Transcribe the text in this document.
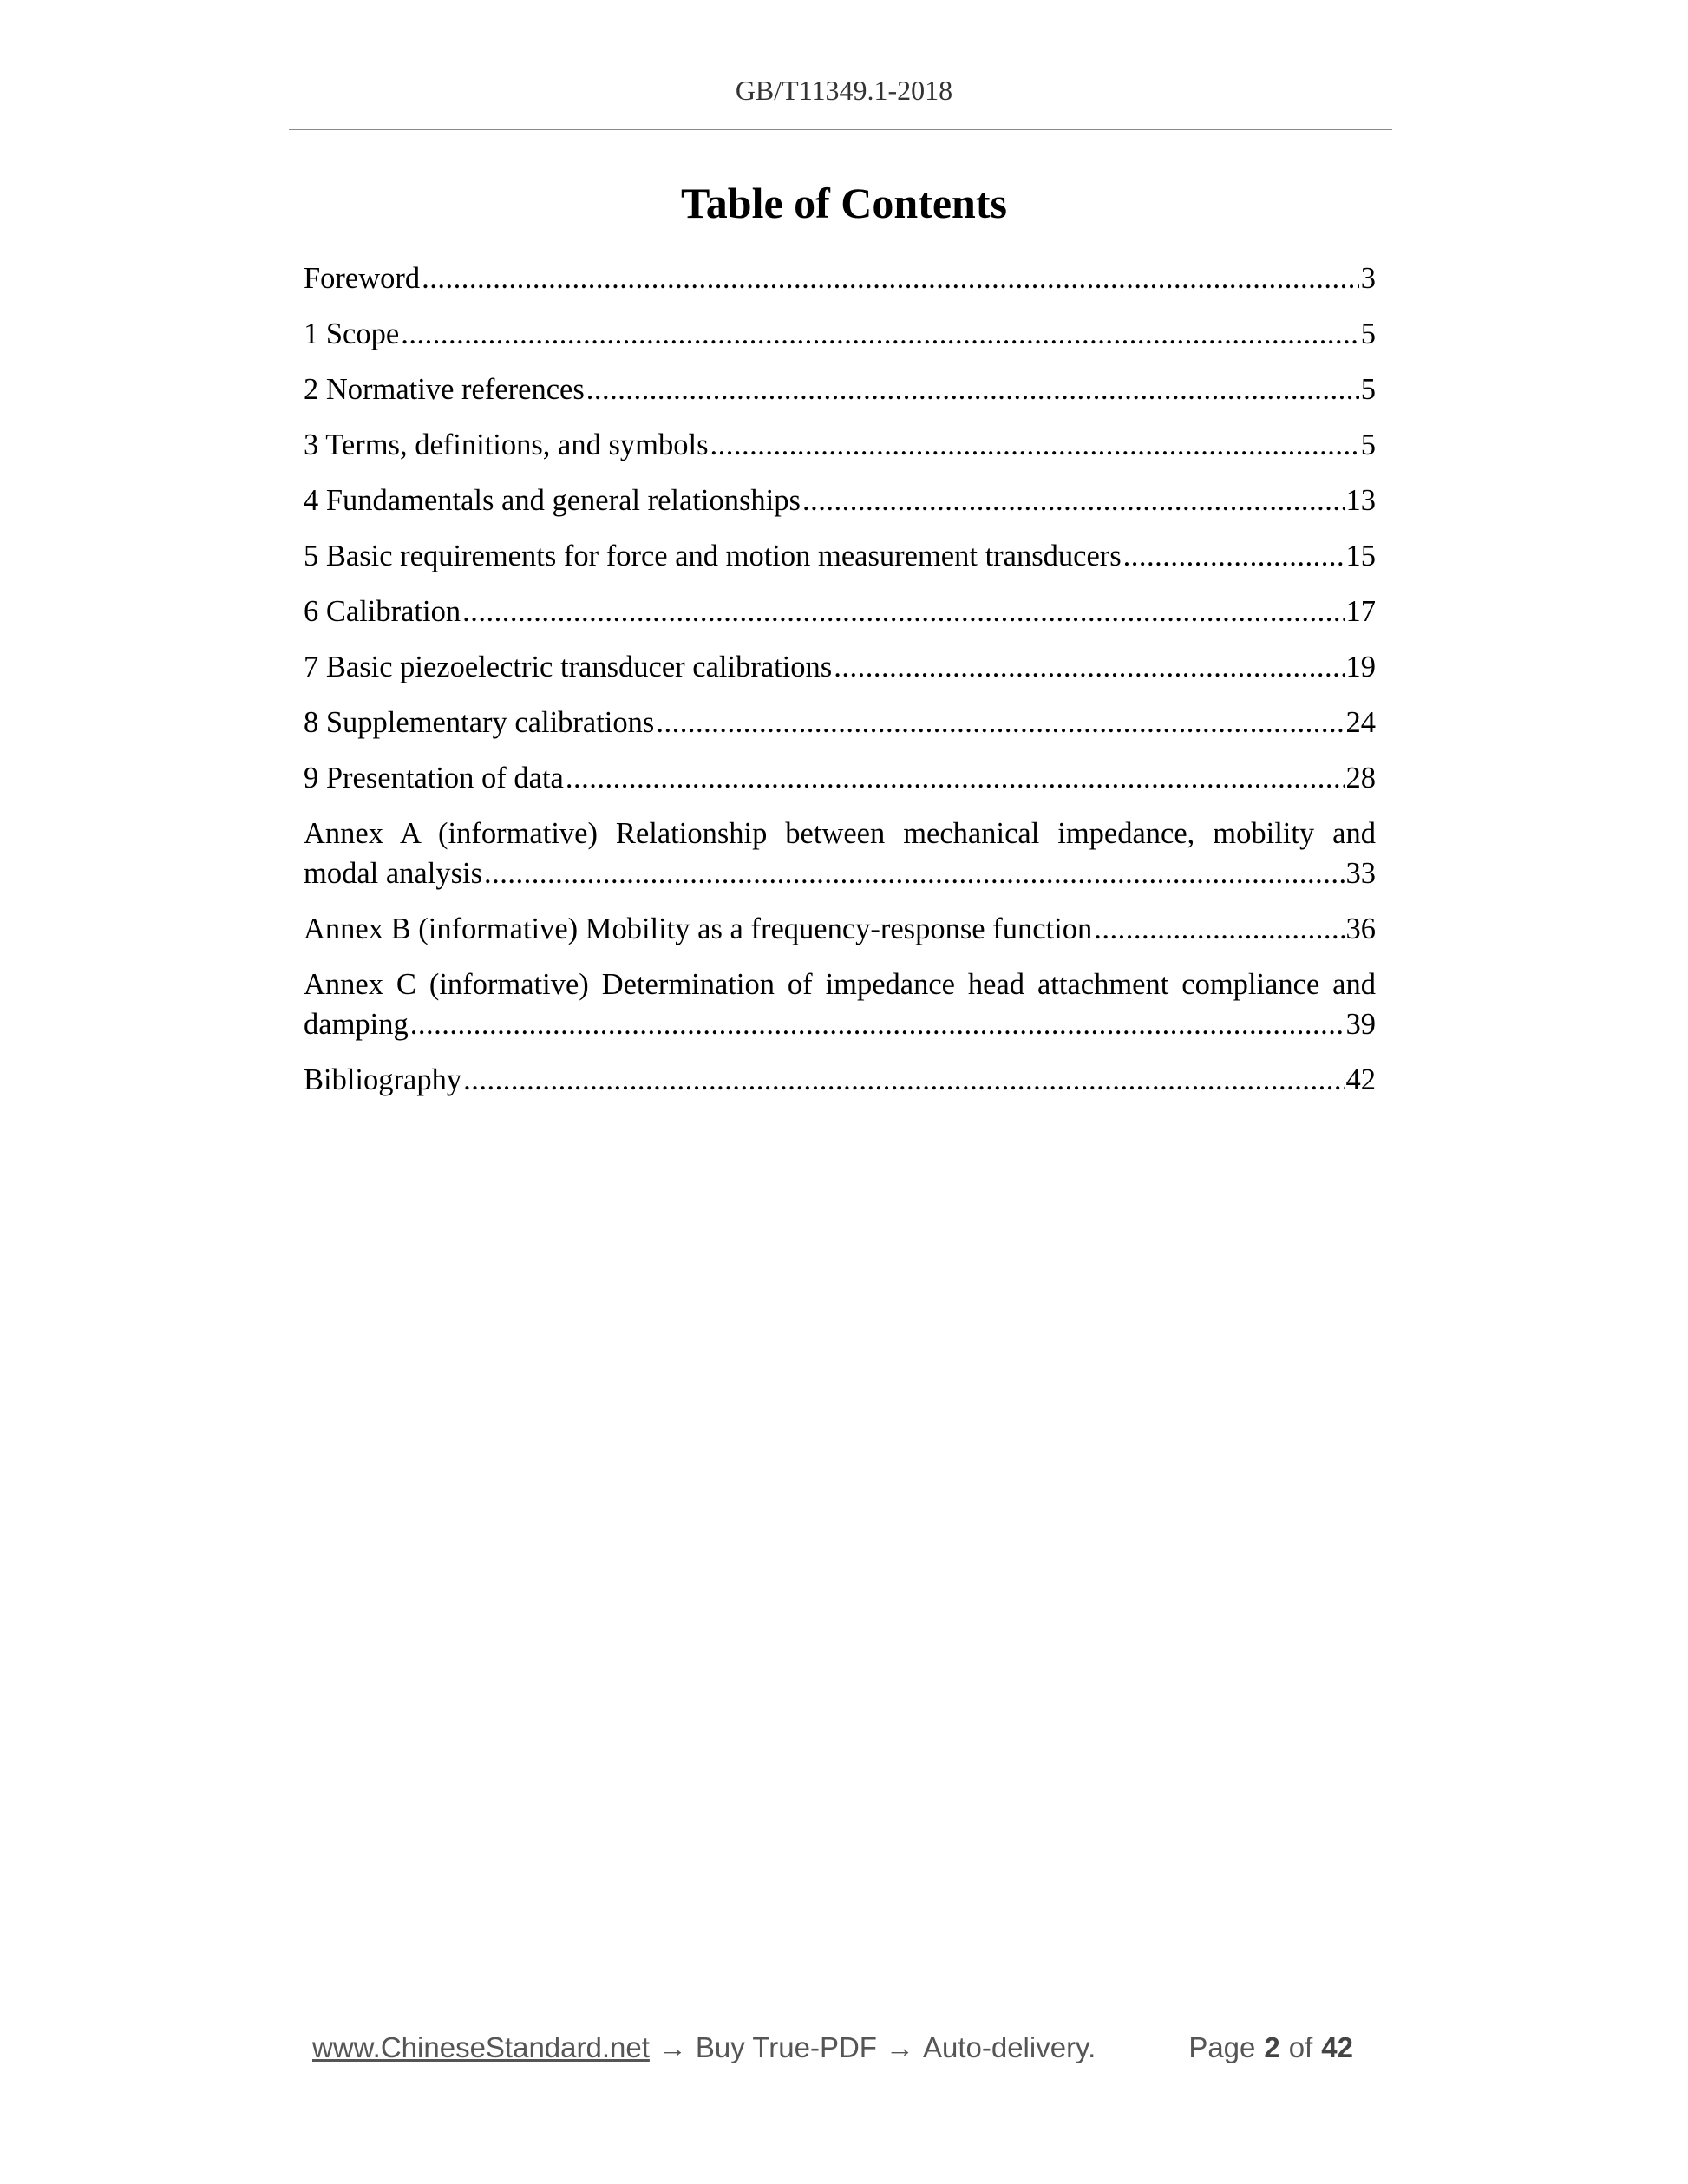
GB/T11349.1-2018
Table of Contents
Foreword .....	3
1 Scope .....	5
2 Normative references .....	5
3 Terms, definitions, and symbols .....	5
4 Fundamentals and general relationships .....	13
5 Basic requirements for force and motion measurement transducers .....	15
6 Calibration .....	17
7 Basic piezoelectric transducer calibrations .....	19
8 Supplementary calibrations .....	24
9 Presentation of data .....	28
Annex A (informative) Relationship between mechanical impedance, mobility and
modal analysis .....	33
Annex B (informative) Mobility as a frequency-response function .....	36
Annex C (informative) Determination of impedance head attachment compliance and
damping .....	39
Bibliography .....	42
www.ChineseStandard.net → Buy True-PDF → Auto-delivery.	Page 2 of 42
